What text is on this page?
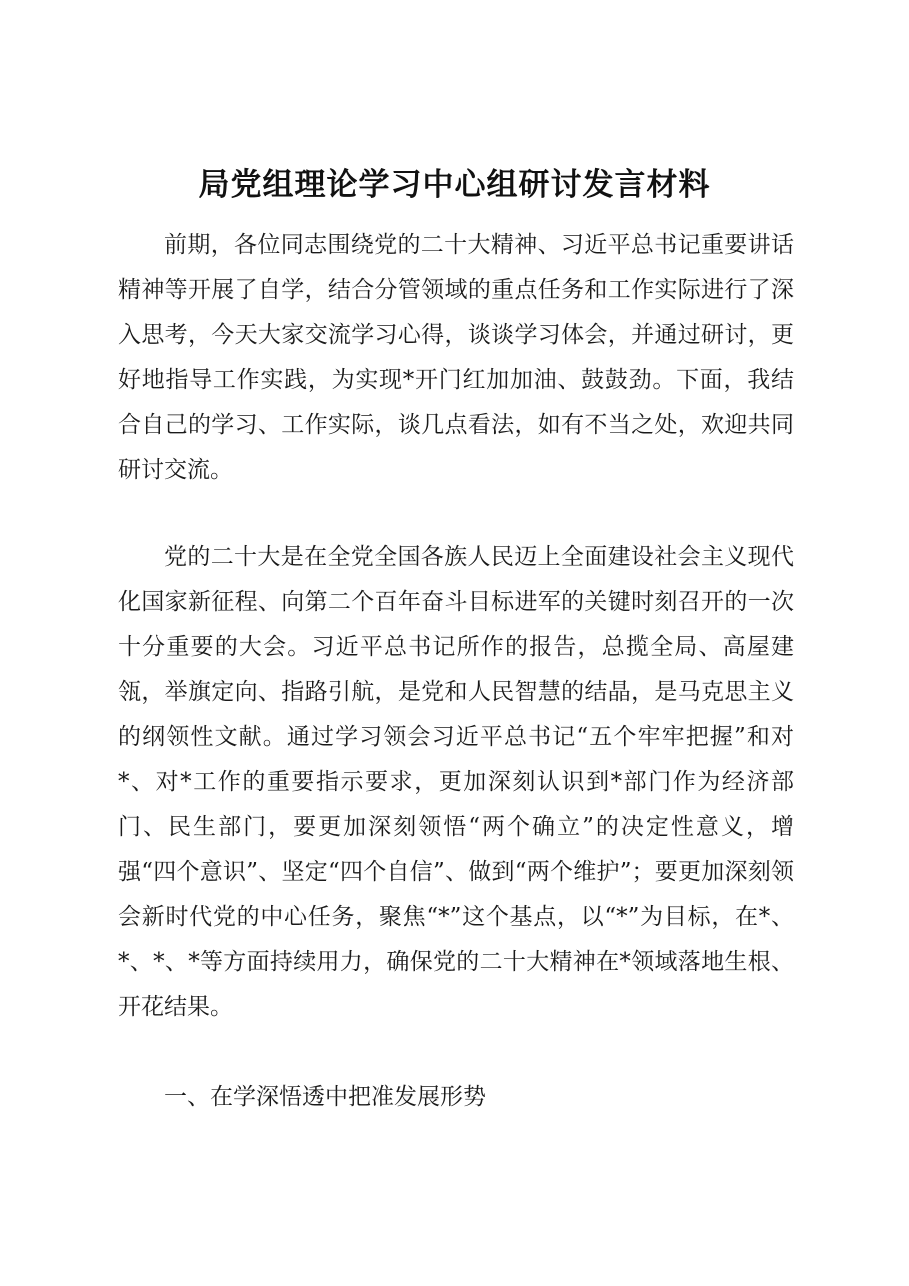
局党组理论学习中心组研讨发言材料

前期，各位同志围绕党的二十大精神、习近平总书记重要讲话精神等开展了自学，结合分管领域的重点任务和工作实际进行了深入思考，今天大家交流学习心得，谈谈学习体会，并通过研讨，更好地指导工作实践，为实现*开门红加加油、鼓鼓劲。下面，我结合自己的学习、工作实际，谈几点看法，如有不当之处，欢迎共同研讨交流。

党的二十大是在全党全国各族人民迈上全面建设社会主义现代化国家新征程、向第二个百年奋斗目标进军的关键时刻召开的一次十分重要的大会。习近平总书记所作的报告，总揽全局、高屋建瓴，举旗定向、指路引航，是党和人民智慧的结晶，是马克思主义的纲领性文献。通过学习领会习近平总书记“五个牢牢把握”和对*、对*工作的重要指示要求，更加深刻认识到*部门作为经济部门、民生部门，要更加深刻领悟“两个确立”的决定性意义，增强“四个意识”、坚定“四个自信”、做到“两个维护”；要更加深刻领会新时代党的中心任务，聚焦“*”这个基点，以“*”为目标，在*、*、*、*等方面持续用力，确保党的二十大精神在*领域落地生根、开花结果。

一、在学深悟透中把准发展形势
